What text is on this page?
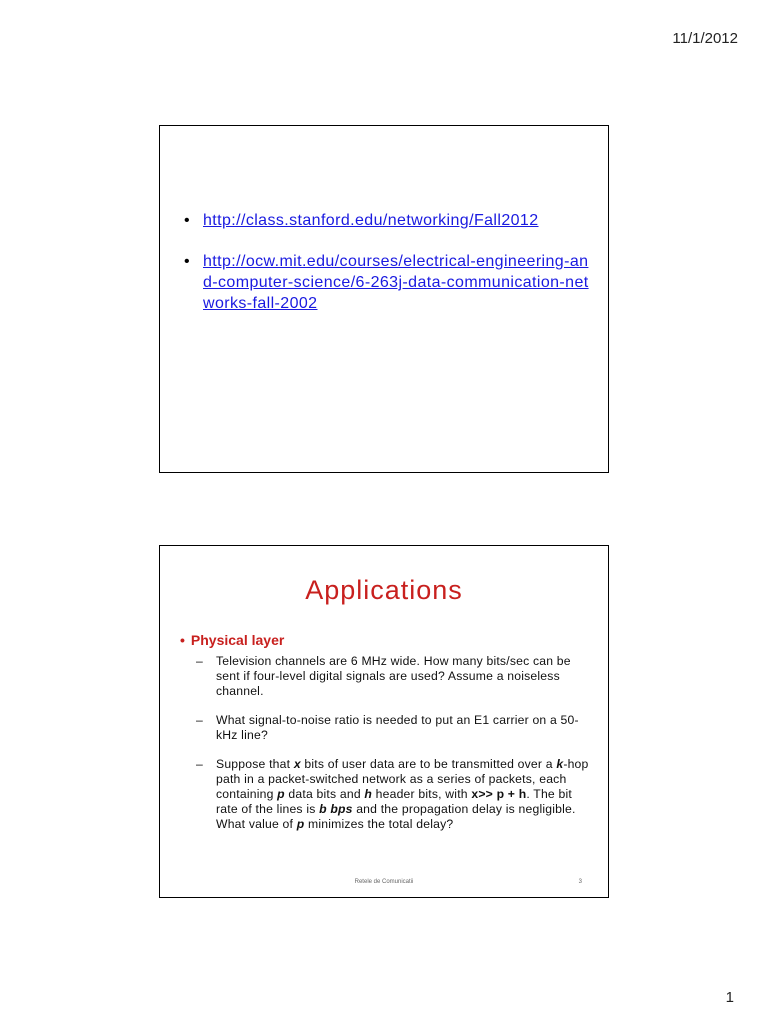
11/1/2012
• http://class.stanford.edu/networking/Fall2012
• http://ocw.mit.edu/courses/electrical-engineering-and-computer-science/6-263j-data-communication-networks-fall-2002
Applications
• Physical layer
– Television channels are 6 MHz wide. How many bits/sec can be sent if four-level digital signals are used? Assume a noiseless channel.
– What signal-to-noise ratio is needed to put an E1 carrier on a 50-kHz line?
– Suppose that x bits of user data are to be transmitted over a k-hop path in a packet-switched network as a series of packets, each containing p data bits and h header bits, with x>> p + h. The bit rate of the lines is b bps and the propagation delay is negligible. What value of p minimizes the total delay?
Retele de Comunicatii	3
1
